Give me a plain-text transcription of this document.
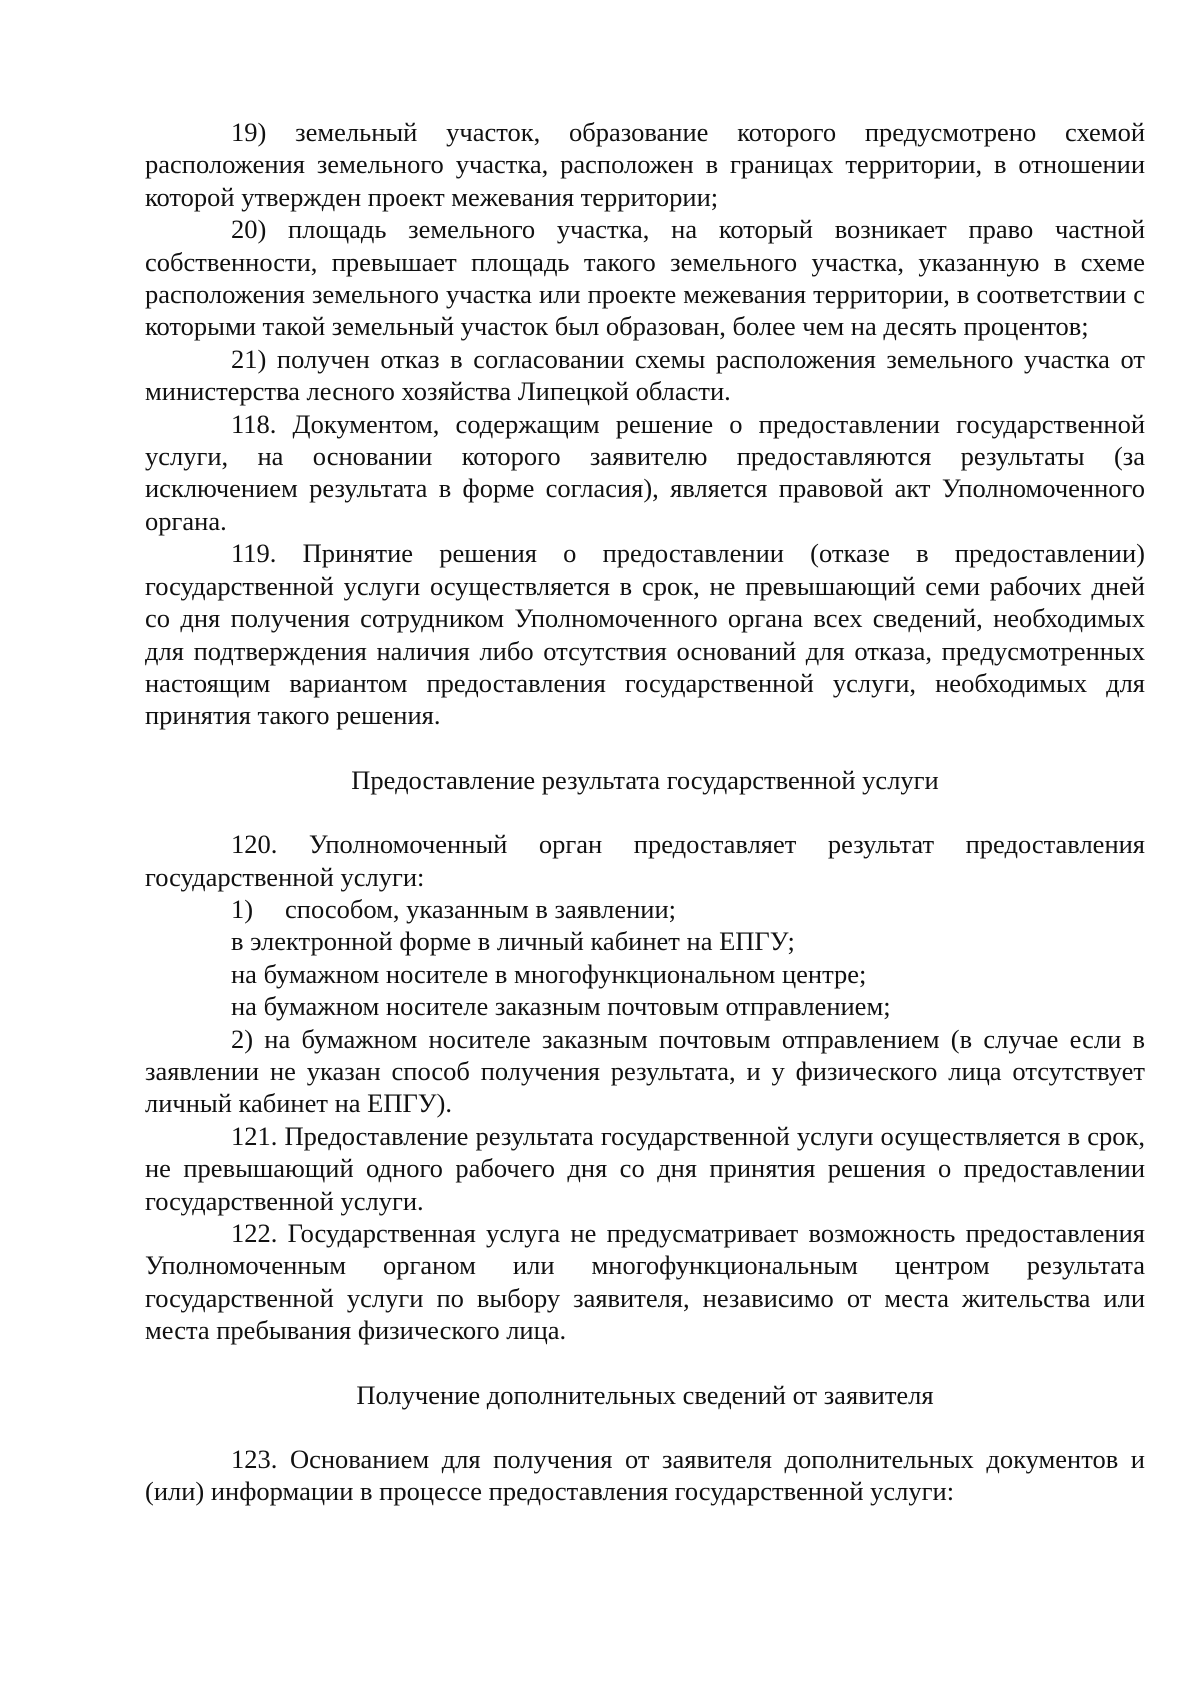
19) земельный участок, образование которого предусмотрено схемой расположения земельного участка, расположен в границах территории, в отношении которой утвержден проект межевания территории;

20) площадь земельного участка, на который возникает право частной собственности, превышает площадь такого земельного участка, указанную в схеме расположения земельного участка или проекте межевания территории, в соответствии с которыми такой земельный участок был образован, более чем на десять процентов;

21) получен отказ в согласовании схемы расположения земельного участка от министерства лесного хозяйства Липецкой области.

118. Документом, содержащим решение о предоставлении государственной услуги, на основании которого заявителю предоставляются результаты (за исключением результата в форме согласия), является правовой акт Уполномоченного органа.

119. Принятие решения о предоставлении (отказе в предоставлении) государственной услуги осуществляется в срок, не превышающий семи рабочих дней со дня получения сотрудником Уполномоченного органа всех сведений, необходимых для подтверждения наличия либо отсутствия оснований для отказа, предусмотренных настоящим вариантом предоставления государственной услуги, необходимых для принятия такого решения.

Предоставление результата государственной услуги

120. Уполномоченный орган предоставляет результат предоставления государственной услуги:

1) способом, указанным в заявлении;

в электронной форме в личный кабинет на ЕПГУ;

на бумажном носителе в многофункциональном центре;

на бумажном носителе заказным почтовым отправлением;

2) на бумажном носителе заказным почтовым отправлением (в случае если в заявлении не указан способ получения результата, и у физического лица отсутствует личный кабинет на ЕПГУ).

121. Предоставление результата государственной услуги осуществляется в срок, не превышающий одного рабочего дня со дня принятия решения о предоставлении государственной услуги.

122. Государственная услуга не предусматривает возможность предоставления Уполномоченным органом или многофункциональным центром результата государственной услуги по выбору заявителя, независимо от места жительства или места пребывания физического лица.

Получение дополнительных сведений от заявителя

123. Основанием для получения от заявителя дополнительных документов и (или) информации в процессе предоставления государственной услуги:
